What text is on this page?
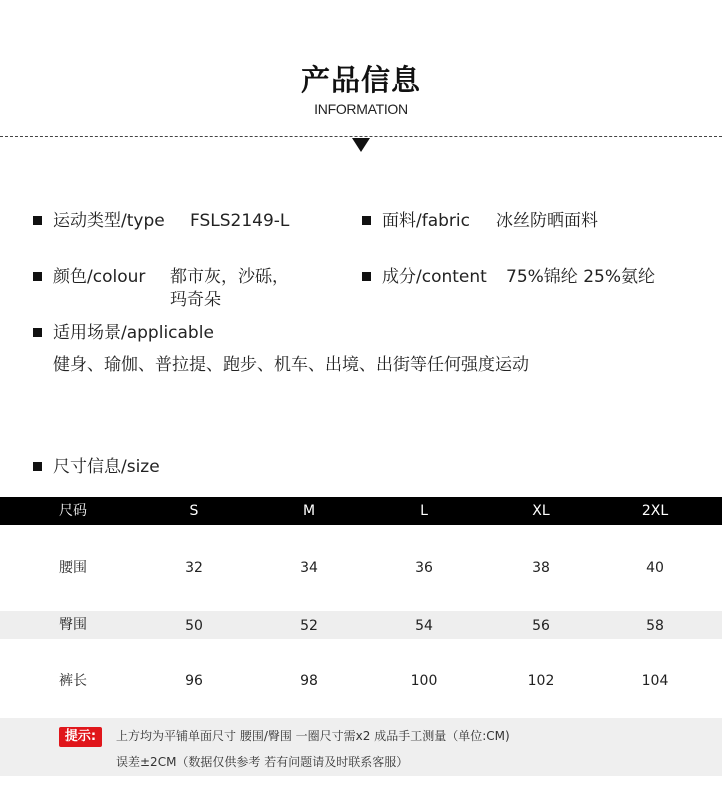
产品信息
INFORMATION
运动类型/type FSLS2149-L	面料/fabric 冰丝防晒面料
颜色/colour 都市灰，沙砾，
玛奇朵
成分/content 75%锦纶 25%氨纶
适用场景/applicable
健身、瑜伽、普拉提、跑步、机车、出境、出街等任何强度运动
尺寸信息/size
尺码	S	M	L	XL	2XL
腰围	32	34	36	38	40
臀围	50	52	54	56	58
裤长	96	98	100	102	104
提示:	上方均为平铺单面尺寸 腰围/臀围 一圈尺寸需x2 成品手工测量（单位:CM)
误差±2CM（数据仅供参考 若有问题请及时联系客服）
